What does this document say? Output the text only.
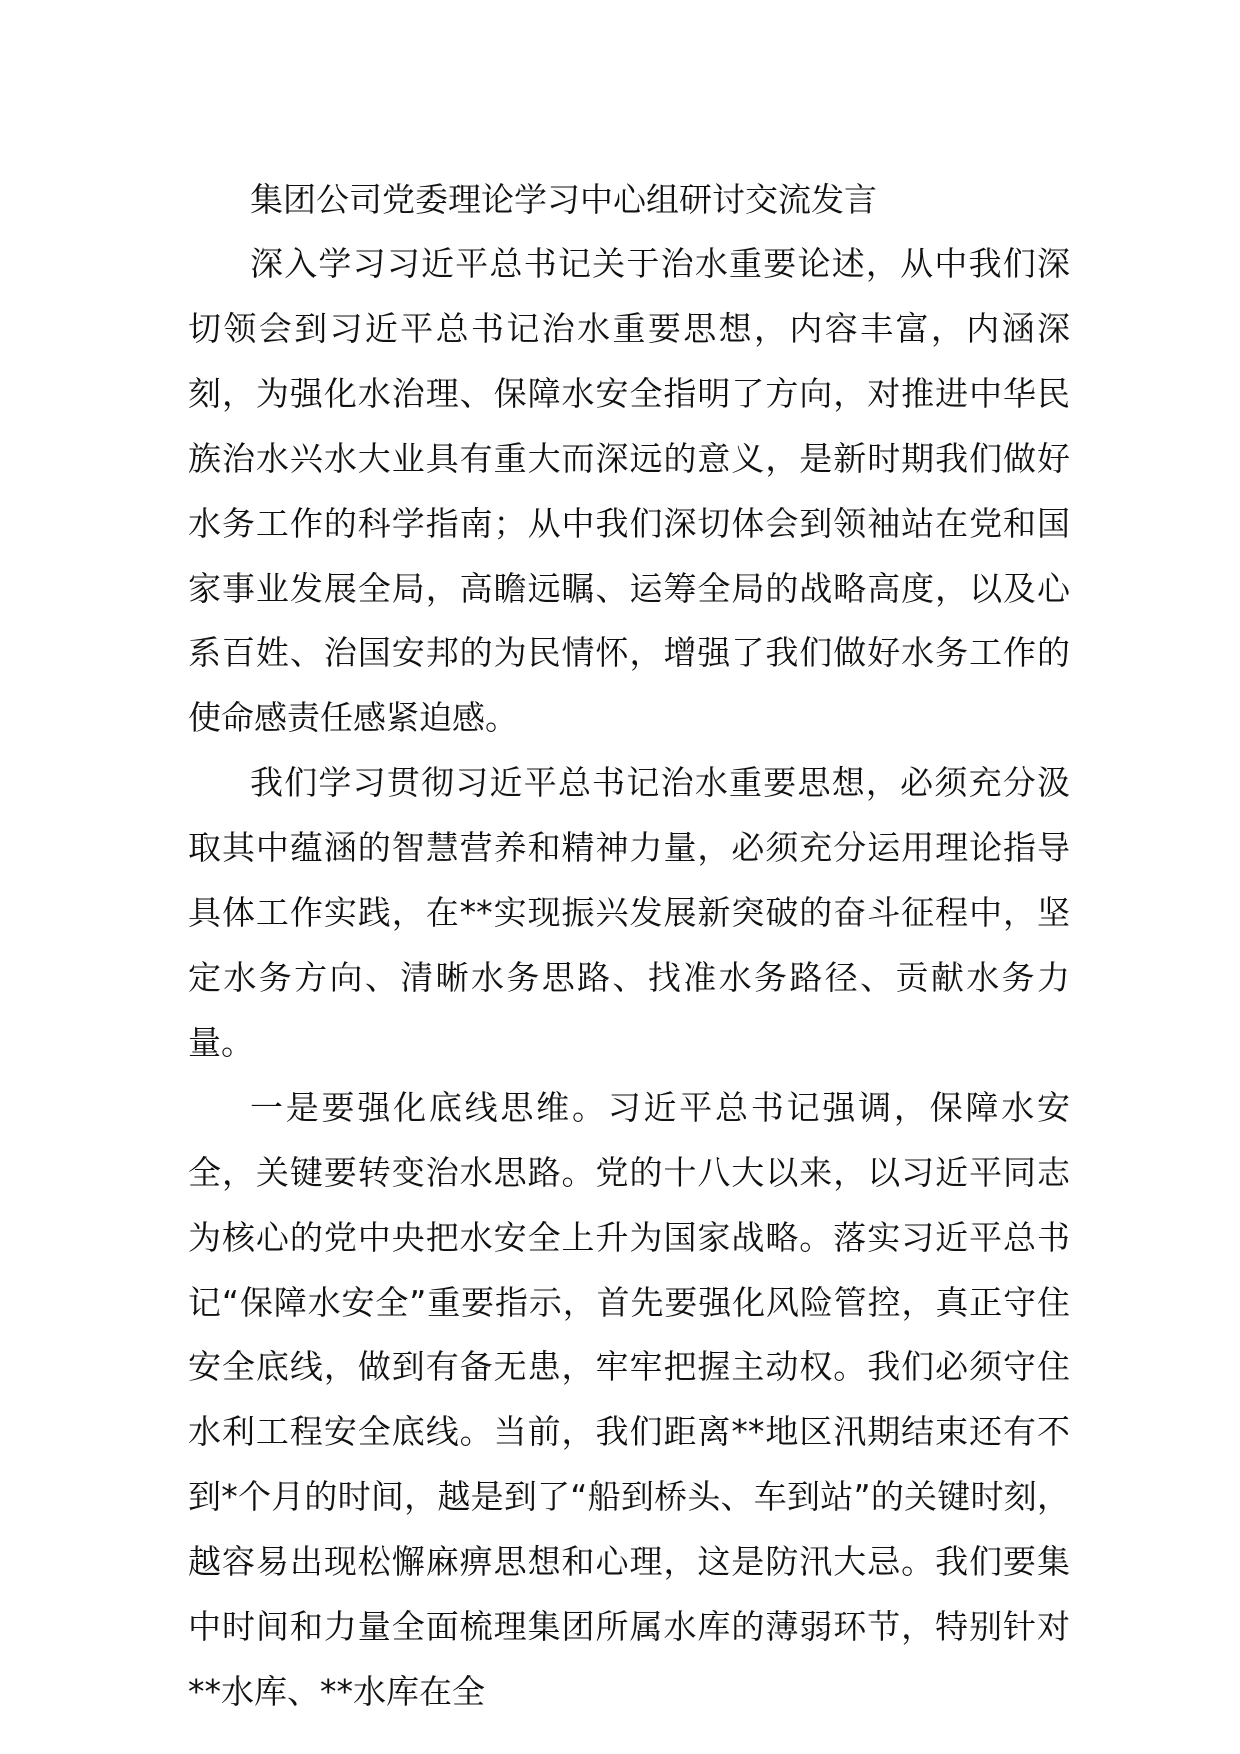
集团公司党委理论学习中心组研讨交流发言

深入学习习近平总书记关于治水重要论述，从中我们深切领会到习近平总书记治水重要思想，内容丰富，内涵深刻，为强化水治理、保障水安全指明了方向，对推进中华民族治水兴水大业具有重大而深远的意义，是新时期我们做好水务工作的科学指南；从中我们深切体会到领袖站在党和国家事业发展全局，高瞻远瞩、运筹全局的战略高度，以及心系百姓、治国安邦的为民情怀，增强了我们做好水务工作的使命感责任感紧迫感。

我们学习贯彻习近平总书记治水重要思想，必须充分汲取其中蕴涵的智慧营养和精神力量，必须充分运用理论指导具体工作实践，在**实现振兴发展新突破的奋斗征程中，坚定水务方向、清晰水务思路、找准水务路径、贡献水务力量。

一是要强化底线思维。习近平总书记强调，保障水安全，关键要转变治水思路。党的十八大以来，以习近平同志为核心的党中央把水安全上升为国家战略。落实习近平总书记“保障水安全”重要指示，首先要强化风险管控，真正守住安全底线，做到有备无患，牢牢把握主动权。我们必须守住水利工程安全底线。当前，我们距离**地区汛期结束还有不到*个月的时间，越是到了“船到桥头、车到站”的关键时刻，越容易出现松懈麻痹思想和心理，这是防汛大忌。我们要集中时间和力量全面梳理集团所属水库的薄弱环节，特别针对**水库、**水库在全
